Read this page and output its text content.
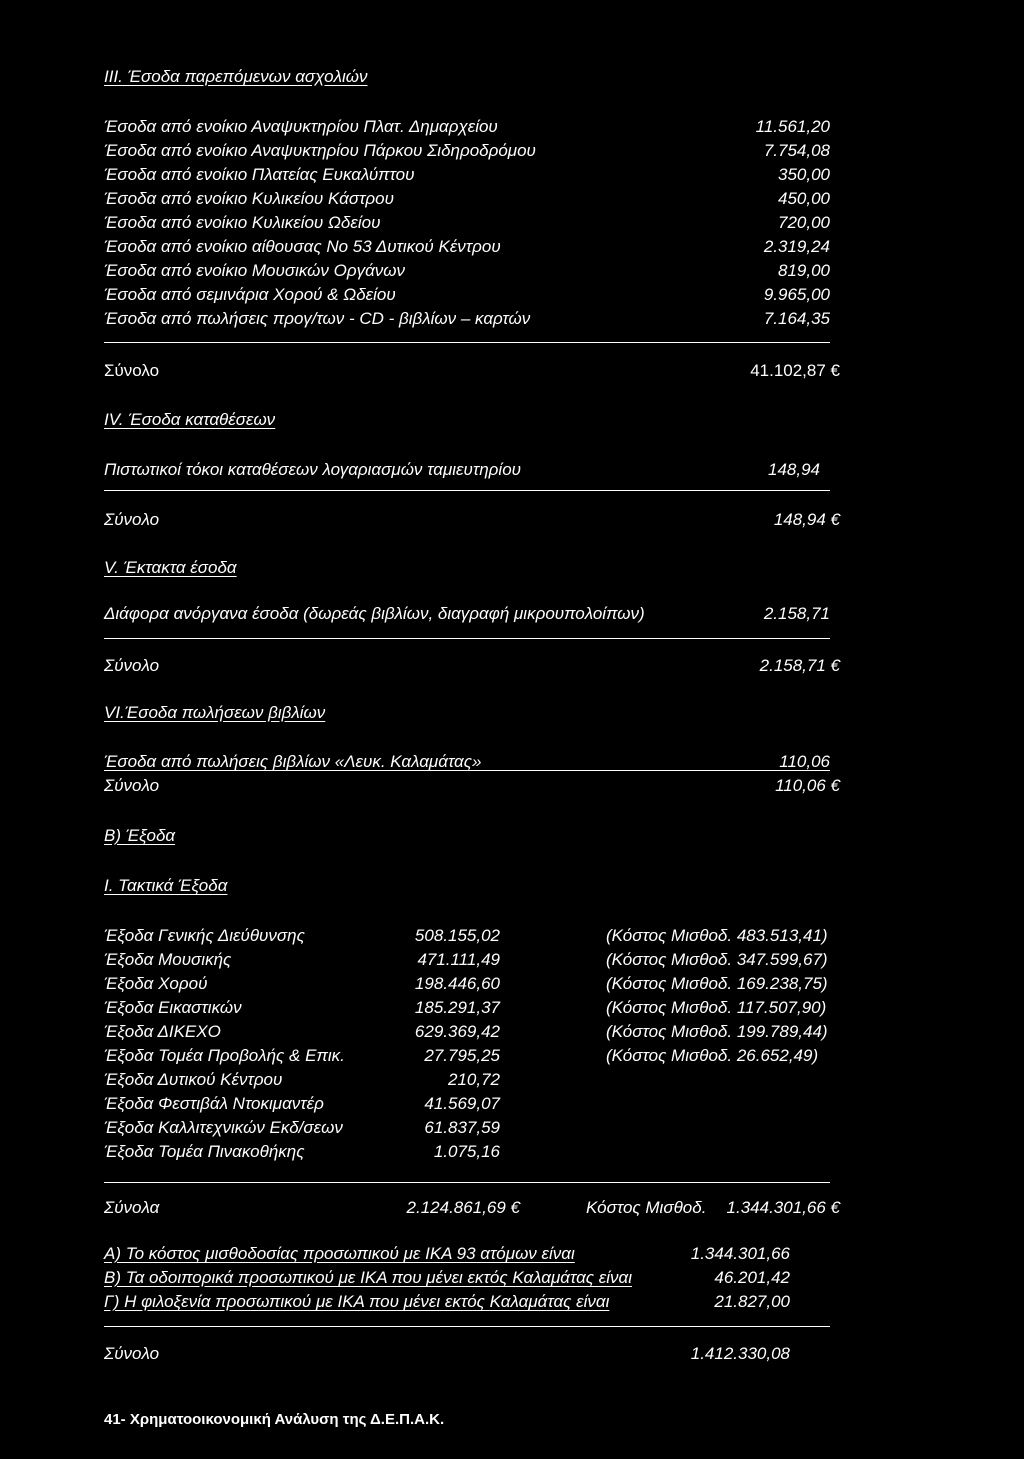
III. Έσοδα παρεπόμενων ασχολιών
Έσοδα από ενοίκιο Αναψυκτηρίου Πλατ. Δημαρχείου	11.561,20
Έσοδα από ενοίκιο Αναψυκτηρίου Πάρκου Σιδηροδρόμου	7.754,08
Έσοδα από ενοίκιο Πλατείας Ευκαλύπτου	350,00
Έσοδα από ενοίκιο Κυλικείου Κάστρου	450,00
Έσοδα από ενοίκιο Κυλικείου Ωδείου	720,00
Έσοδα από ενοίκιο αίθουσας Νο 53 Δυτικού Κέντρου	2.319,24
Έσοδα από ενοίκιο Μουσικών Οργάνων	819,00
Έσοδα από σεμινάρια Χορού & Ωδείου	9.965,00
Έσοδα από πωλήσεις προγ/των - CD - βιβλίων – καρτών	7.164,35
Σύνολο	41.102,87 €
IV. Έσοδα καταθέσεων
Πιστωτικοί τόκοι καταθέσεων λογαριασμών ταμιευτηρίου	148,94
Σύνολο	148,94 €
V. Έκτακτα έσοδα
Διάφορα ανόργανα έσοδα (δωρεάς βιβλίων, διαγραφή μικρουπολοίπων)	2.158,71
Σύνολο	2.158,71 €
VI.Έσοδα πωλήσεων βιβλίων
Έσοδα από πωλήσεις βιβλίων «Λευκ. Καλαμάτας»	110,06
Σύνολο	110,06 €
Β) Έξοδα
I. Τακτικά Έξοδα
Έξοδα Γενικής Διεύθυνσης	508.155,02	(Κόστος Μισθοδ. 483.513,41)
Έξοδα Μουσικής	471.111,49	(Κόστος Μισθοδ. 347.599,67)
Έξοδα Χορού	198.446,60	(Κόστος Μισθοδ. 169.238,75)
Έξοδα Εικαστικών	185.291,37	(Κόστος Μισθοδ. 117.507,90)
Έξοδα ΔΙΚΕΧΟ	629.369,42	(Κόστος Μισθοδ. 199.789,44)
Έξοδα Τομέα Προβολής & Επικ.	27.795,25	(Κόστος Μισθοδ. 26.652,49)
Έξοδα Δυτικού Κέντρου	210,72
Έξοδα Φεστιβάλ Ντοκιμαντέρ	41.569,07
Έξοδα Καλλιτεχνικών Εκδ/σεων	61.837,59
Έξοδα Τομέα Πινακοθήκης	1.075,16
Σύνολα	2.124.861,69 €	Κόστος Μισθοδ.	1.344.301,66 €
Α) Το κόστος μισθοδοσίας προσωπικού με ΙΚΑ 93 ατόμων είναι	1.344.301,66
Β) Τα οδοιπορικά προσωπικού με ΙΚΑ που μένει εκτός Καλαμάτας είναι	46.201,42
Γ) Η φιλοξενία προσωπικού με ΙΚΑ που μένει εκτός Καλαμάτας είναι	21.827,00
Σύνολο	1.412.330,08
41- Χρηματοοικονομική Ανάλυση της Δ.Ε.Π.Α.Κ.
